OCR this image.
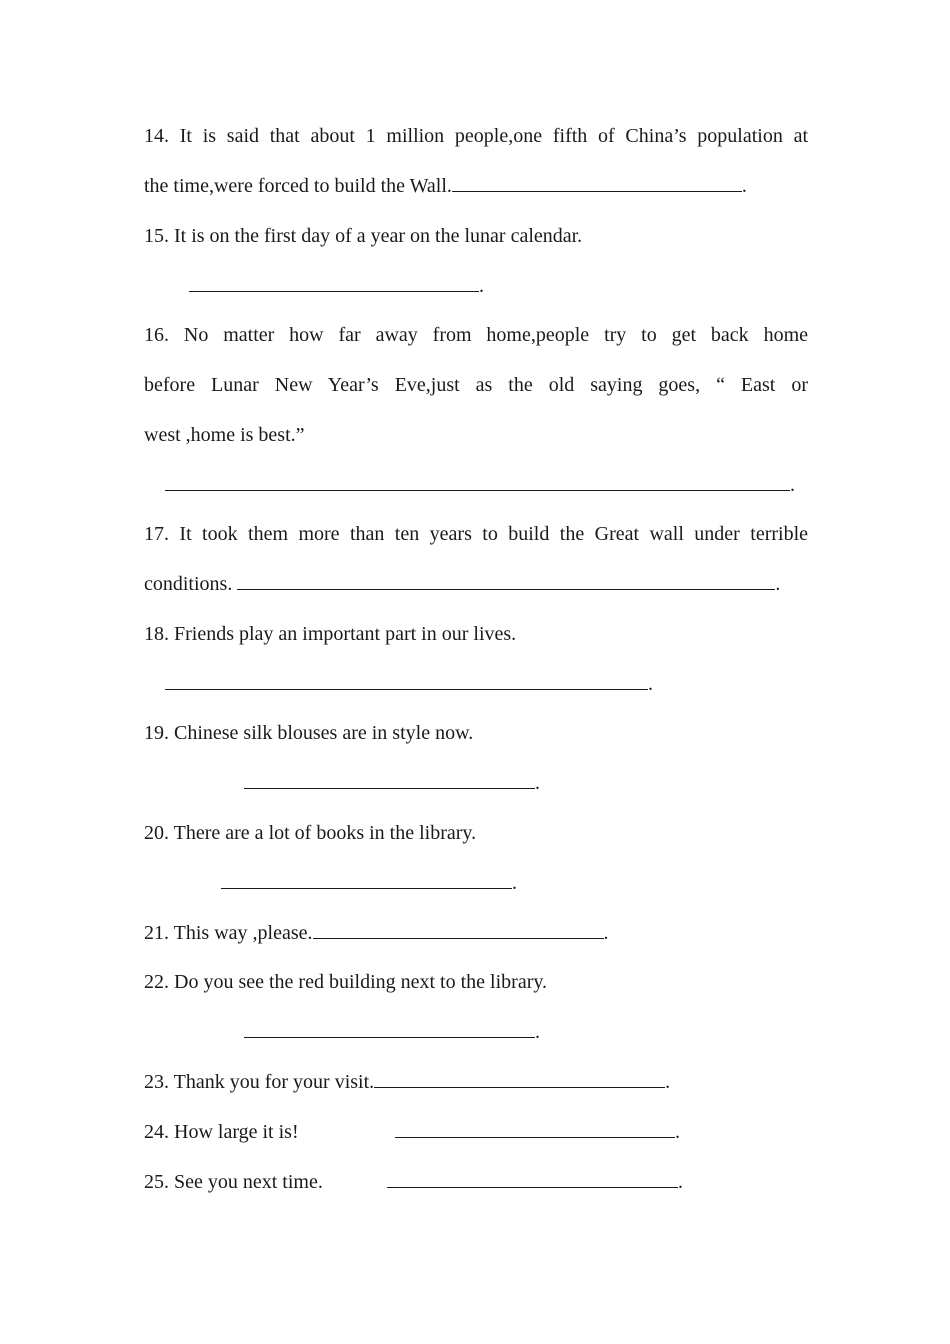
14. It is said that about 1 million people,one fifth of China’s population at
the time,were forced to build the Wall.	.
15. It is on the first day of a year on the lunar calendar.
.
16. No matter how far away from home,people try to get back home
before Lunar New Year’s Eve,just as the old saying goes, “ East or
west ,home is best.”
.
17. It took them more than ten years to build the Great wall under terrible
conditions.	.
18. Friends play an important part in our lives.
.
19. Chinese silk blouses are in style now.
.
20. There are a lot of books in the library.
.
21. This way ,please.	.
22. Do you see the red building next to the library.
.
23. Thank you for your visit.	.
24. How large it is!	.
25. See you next time.	.
